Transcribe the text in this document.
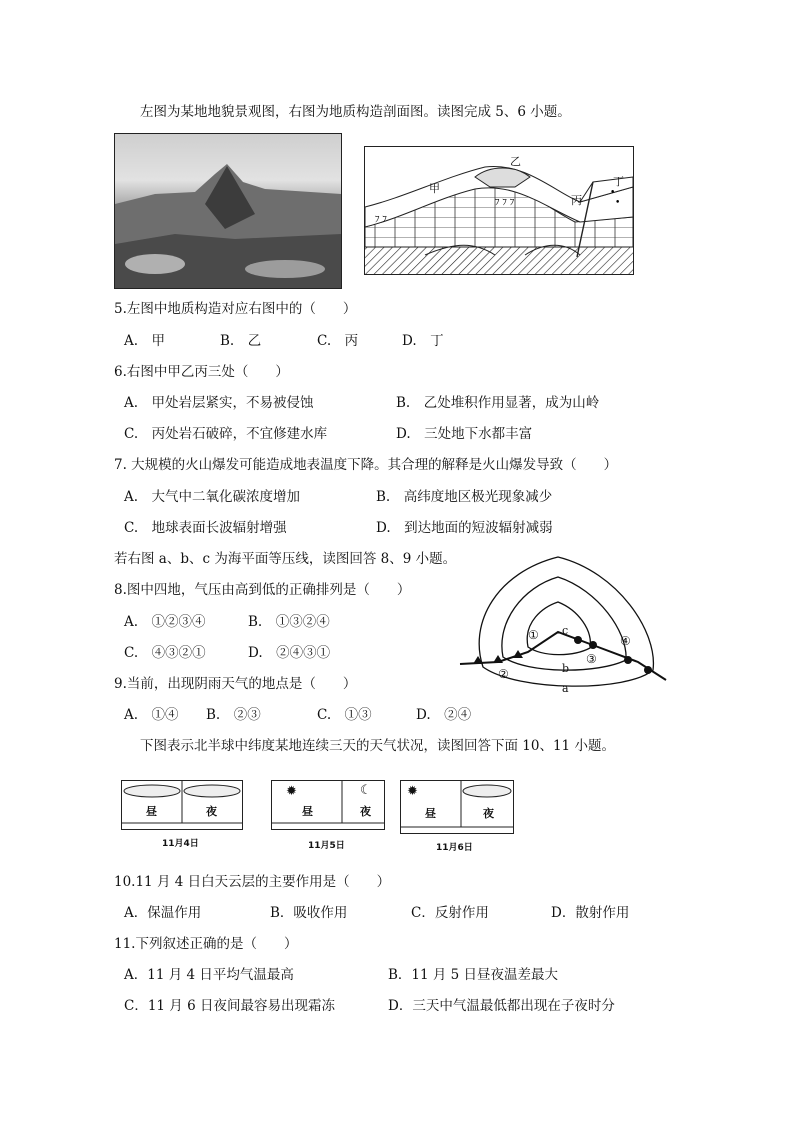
左图为某地地貌景观图，右图为地质构造剖面图。读图完成 5、6 小题。
•
•
ﾌ ﾌ
ﾌ ﾌ ﾌ
乙
甲
丙
丁
5.左图中地质构造对应右图中的（　　）
A.　甲	B.　乙	C.　丙	D.　丁
6.右图中甲乙丙三处（　　）
A.　甲处岩层紧实，不易被侵蚀	B.　乙处堆积作用显著，成为山岭
C.　丙处岩石破碎，不宜修建水库	D.　三处地下水都丰富
7. 大规模的火山爆发可能造成地表温度下降。其合理的解释是火山爆发导致（　　）
A.　大气中二氧化碳浓度增加	B.　高纬度地区极光现象减少
C.　地球表面长波辐射增强	D.　到达地面的短波辐射减弱
若右图 a、b、c 为海平面等压线，读图回答 8、9 小题。
c
b
a
①
②
③
④
8.图中四地，气压由高到低的正确排列是（　　）
A.　①②③④	B.　①③②④
C.　④③②①	D.　②④③①
9.当前，出现阴雨天气的地点是（　　）
A.　①④ B.　②③	C.　①③	D.　②④
下图表示北半球中纬度某地连续三天的天气状况，读图回答下面 10、11 小题。
昼	夜
11月4日
✹	☾
昼	夜
11月5日
✹
昼	夜
11月6日
10.11 月 4 日白天云层的主要作用是（　　）
A．保温作用	B．吸收作用	C．反射作用	D．散射作用
11.下列叙述正确的是（　　）
A．11 月 4 日平均气温最高	B．11 月 5 日昼夜温差最大
C．11 月 6 日夜间最容易出现霜冻	D．三天中气温最低都出现在子夜时分
